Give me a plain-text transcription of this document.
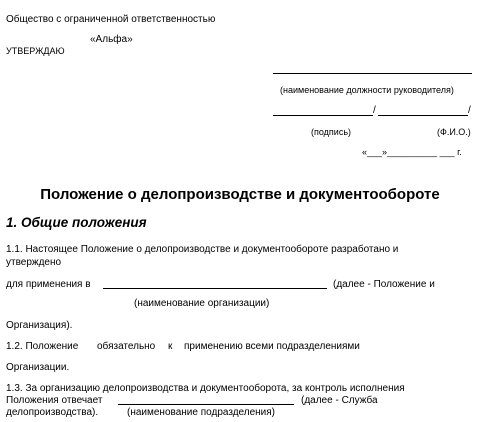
Общество с ограниченной ответственностью
«Альфа»
УТВЕРЖДАЮ
(наименование должности руководителя)
/	/
(подпись)	(Ф.И.О.)
«___»__________ ___ г.
Положение о делопроизводстве и документообороте
1. Общие положения
1.1. Настоящее Положение о делопроизводстве и документообороте разработано и
утверждено
для применения в	(далее - Положение и
(наименование организации)
Организация).
1.2. Положение обязательно к применению всеми подразделениями
Организации.
1.3. За организацию делопроизводства и документооборота, за контроль исполнения
Положения отвечает	(далее - Служба
делопроизводства).	(наименование подразделения)
